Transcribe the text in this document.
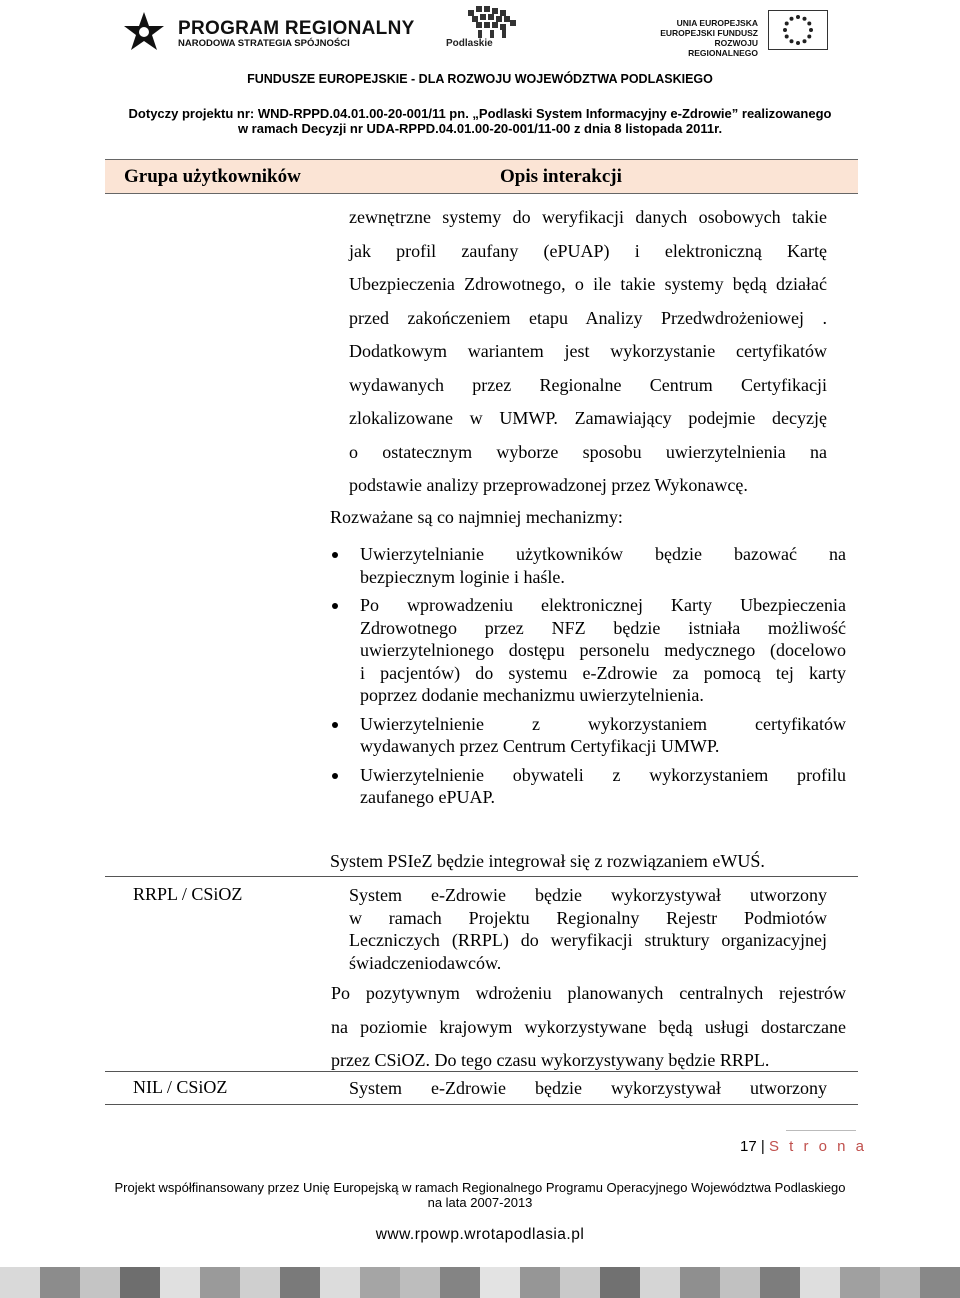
PROGRAM REGIONALNY
NARODOWA STRATEGIA SPÓJNOŚCI	Podlaskie
UNIA EUROPEJSKA
EUROPEJSKI FUNDUSZ
ROZWOJU REGIONALNEGO
FUNDUSZE EUROPEJSKIE - DLA ROZWOJU WOJEWÓDZTWA PODLASKIEGO
Dotyczy projektu nr: WND-RPPD.04.01.00-20-001/11 pn. „Podlaski System Informacyjny e-Zdrowie” realizowanego
w ramach Decyzji nr UDA-RPPD.04.01.00-20-001/11-00 z dnia 8 listopada 2011r.
Grupa użytkowników	Opis interakcji
zewnętrzne systemy do weryfikacji danych osobowych takie
jak profil zaufany (ePUAP) i elektroniczną Kartę
Ubezpieczenia Zdrowotnego, o ile takie systemy będą działać
przed zakończeniem etapu Analizy Przedwdrożeniowej .
Dodatkowym wariantem jest wykorzystanie certyfikatów
wydawanych przez Regionalne Centrum Certyfikacji
zlokalizowane w UMWP. Zamawiający podejmie decyzję
o ostatecznym wyborze sposobu uwierzytelnienia na
podstawie analizy przeprowadzonej przez Wykonawcę.
Rozważane są co najmniej mechanizmy:
Uwierzytelnianie użytkowników będzie bazować na
bezpiecznym loginie i haśle.
Po wprowadzeniu elektronicznej Karty Ubezpieczenia
Zdrowotnego przez NFZ będzie istniała możliwość
uwierzytelnionego dostępu personelu medycznego (docelowo
i pacjentów) do systemu e-Zdrowie za pomocą tej karty
poprzez dodanie mechanizmu uwierzytelnienia.
Uwierzytelnienie z wykorzystaniem certyfikatów
wydawanych przez Centrum Certyfikacji UMWP.
Uwierzytelnienie obywateli z wykorzystaniem profilu
zaufanego ePUAP.
System PSIeZ będzie integrował się z rozwiązaniem eWUŚ.
RRPL / CSiOZ	System e-Zdrowie będzie wykorzystywał utworzony
w ramach Projektu Regionalny Rejestr Podmiotów
Leczniczych (RRPL) do weryfikacji struktury organizacyjnej
świadczeniodawców.
Po pozytywnym wdrożeniu planowanych centralnych rejestrów
na poziomie krajowym wykorzystywane będą usługi dostarczane
przez CSiOZ. Do tego czasu wykorzystywany będzie RRPL.
NIL / CSiOZ	System e-Zdrowie będzie wykorzystywał utworzony
17 | S t r o n a
Projekt współfinansowany przez Unię Europejską w ramach Regionalnego Programu Operacyjnego Województwa Podlaskiego
na lata 2007-2013
www.rpowp.wrotapodlasia.pl
